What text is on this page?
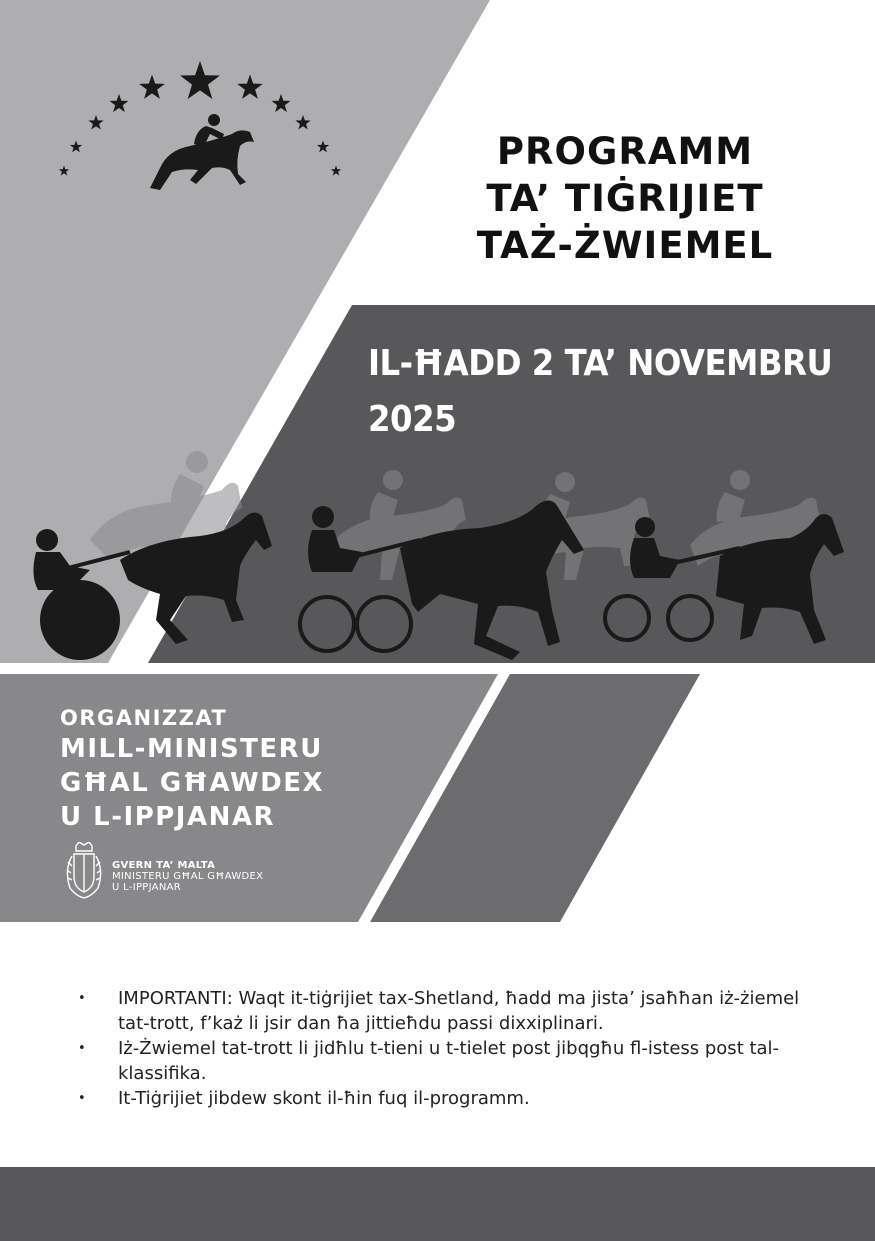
PROGRAMM
TA’ TIĠRIJIET
TAŻ-ŻWIEMEL
IL-ĦADD 2 TA’ NOVEMBRU
2025
ORGANIZZAT
MILL-MINISTERU
GĦAL GĦAWDEX
U L-IPPJANAR
GVERN TA’ MALTA
MINISTERU GĦAL GĦAWDEX
U L-IPPJANAR
• IMPORTANTI: Waqt it-tiġrijiet tax-Shetland, ħadd ma jista’ jsaħħan iż-żiemel tat-trott, f’każ li jsir dan ħa jittieħdu passi dixxiplinari.
• Iż-Żwiemel tat-trott li jidħlu t-tieni u t-tielet post jibqgħu fl-istess post tal-klassifika.
• It-Tiġrijiet jibdew skont il-ħin fuq il-programm.
